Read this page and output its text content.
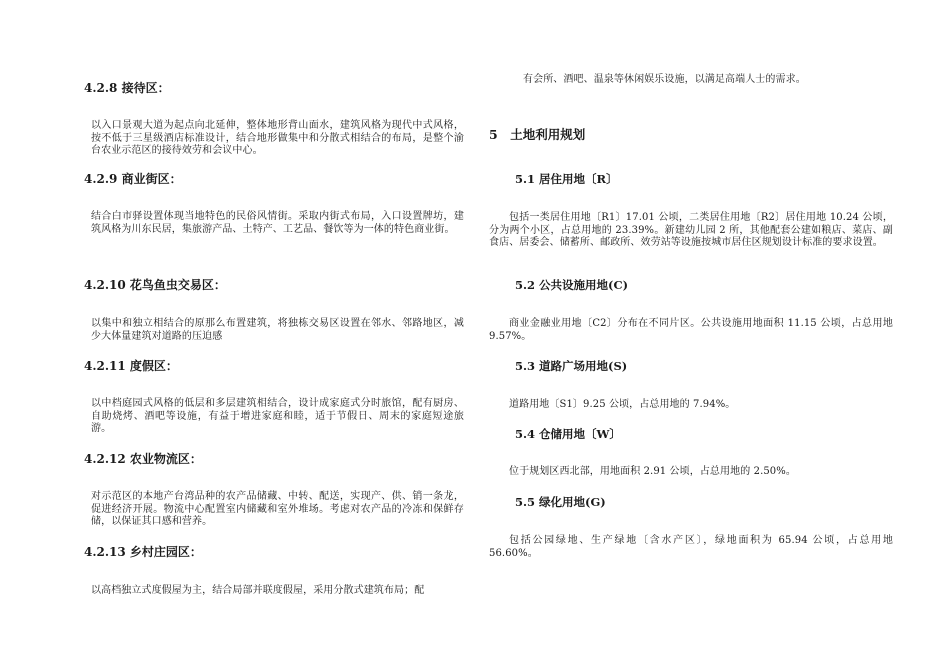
4.2.8 接待区：
以入口景观大道为起点向北延伸，整体地形背山面水，建筑风格为现代中式风格，按不低于三星级酒店标准设计，结合地形做集中和分散式相结合的布局，是整个渝台农业示范区的接待效劳和会议中心。
4.2.9 商业街区：
结合白市驿设置体现当地特色的民俗风情街。采取内街式布局，入口设置牌坊，建筑风格为川东民居，集旅游产品、土特产、工艺品、餐饮等为一体的特色商业街。
4.2.10 花鸟鱼虫交易区：
以集中和独立相结合的原那么布置建筑，将独栋交易区设置在邻水、邻路地区，减少大体量建筑对道路的压迫感
4.2.11 度假区：
以中档庭园式风格的低层和多层建筑相结合，设计成家庭式分时旅馆，配有厨房、自助烧烤、酒吧等设施，有益于增进家庭和睦，适于节假日、周末的家庭短途旅游。
4.2.12 农业物流区：
对示范区的本地产台湾品种的农产品储藏、中转、配送，实现产、供、销一条龙，促进经济开展。物流中心配置室内储藏和室外堆场。考虑对农产品的冷冻和保鲜存储，以保证其口感和营养。
4.2.13 乡村庄园区：
以高档独立式度假屋为主，结合局部并联度假屋，采用分散式建筑布局；配
有会所、酒吧、温泉等休闲娱乐设施，以满足高端人士的需求。
5　土地利用规划
5.1 居住用地〔R〕
包括一类居住用地〔R1〕17.01 公顷，二类居住用地〔R2〕居住用地 10.24 公顷，分为两个小区，占总用地的 23.39%。新建幼儿园 2 所，其他配套公建如粮店、菜店、副食店、居委会、储蓄所、邮政所、效劳站等设施按城市居住区规划设计标准的要求设置。
5.2 公共设施用地(C)
商业金融业用地〔C2〕分布在不同片区。公共设施用地面积 11.15 公顷，占总用地 9.57%。
5.3 道路广场用地(S)
道路用地〔S1〕9.25 公顷，占总用地的 7.94%。
5.4 仓储用地〔W〕
位于规划区西北部，用地面积 2.91 公顷，占总用地的 2.50%。
5.5 绿化用地(G)
包括公园绿地、生产绿地〔含水产区〕，绿地面积为 65.94 公顷，占总用地 56.60%。
